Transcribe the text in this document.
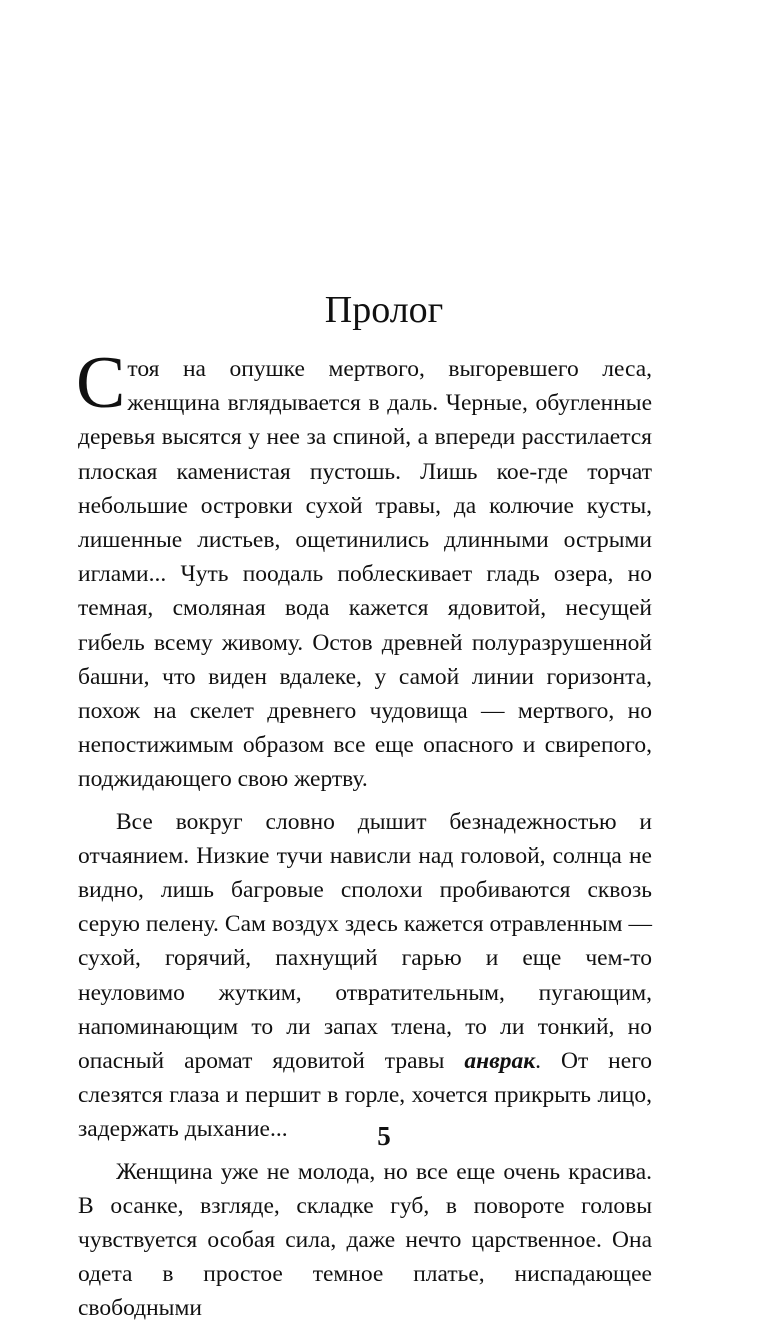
Пролог

Стоя на опушке мертвого, выгоревшего леса, женщина вглядывается в даль. Черные, обугленные деревья высятся у нее за спиной, а впереди расстилается плоская каменистая пустошь. Лишь кое-где торчат небольшие островки сухой травы, да колючие кусты, лишенные листьев, ощетинились длинными острыми иглами... Чуть поодаль поблескивает гладь озера, но темная, смоляная вода кажется ядовитой, несущей гибель всему живому. Остов древней полуразрушенной башни, что виден вдалеке, у самой линии горизонта, похож на скелет древнего чудовища — мертвого, но непостижимым образом все еще опасного и свирепого, поджидающего свою жертву.

Все вокруг словно дышит безнадежностью и отчаянием. Низкие тучи нависли над головой, солнца не видно, лишь багровые сполохи пробиваются сквозь серую пелену. Сам воздух здесь кажется отравленным — сухой, горячий, пахнущий гарью и еще чем-то неуловимо жутким, отвратительным, пугающим, напоминающим то ли запах тлена, то ли тонкий, но опасный аромат ядовитой травы анврак. От него слезятся глаза и першит в горле, хочется прикрыть лицо, задержать дыхание...

Женщина уже не молода, но все еще очень красива. В осанке, взгляде, складке губ, в повороте головы чувствуется особая сила, даже нечто царственное. Она одета в простое темное платье, ниспадающее свободными

5
